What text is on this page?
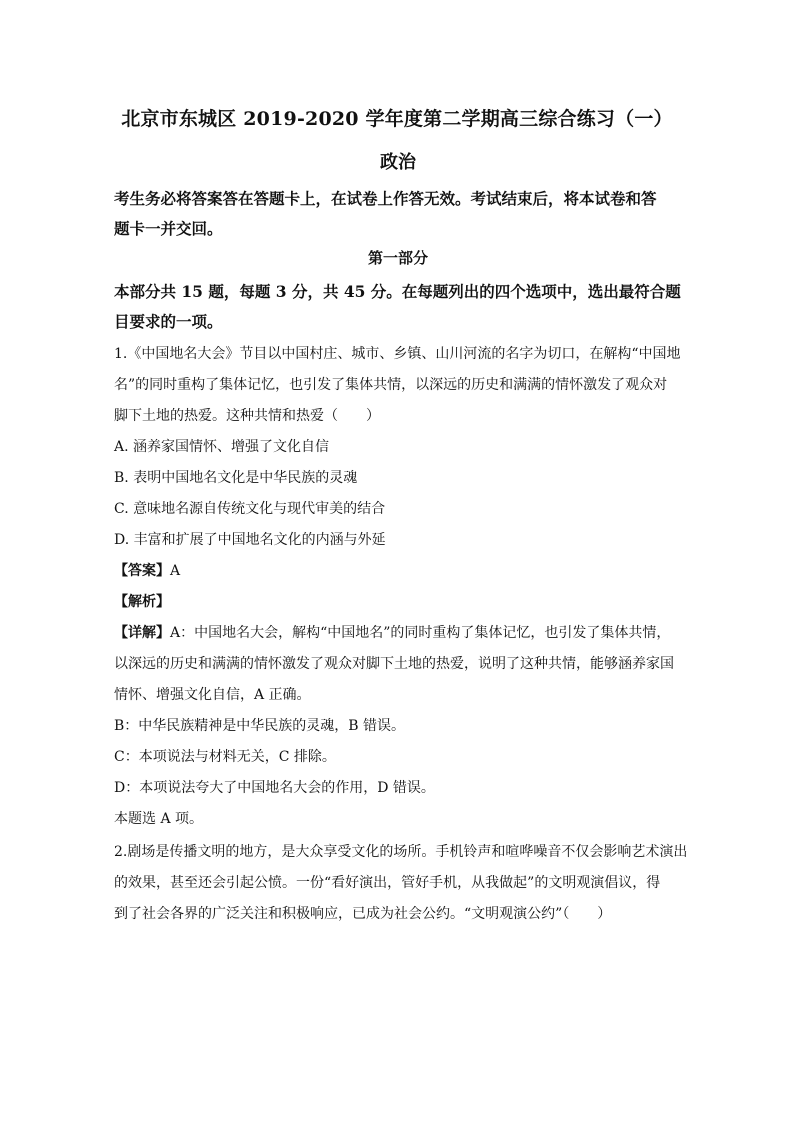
北京市东城区 2019-2020 学年度第二学期高三综合练习（一）
政治
考生务必将答案答在答题卡上，在试卷上作答无效。考试结束后，将本试卷和答
题卡一并交回。
第一部分
本部分共 15 题，每题 3 分，共 45 分。在每题列出的四个选项中，选出最符合题
目要求的一项。
1.《中国地名大会》节目以中国村庄、城市、乡镇、山川河流的名字为切口，在解构“中国地
名”的同时重构了集体记忆，也引发了集体共情，以深远的历史和满满的情怀激发了观众对
脚下土地的热爱。这种共情和热爱（　　）
A. 涵养家国情怀、增强了文化自信
B. 表明中国地名文化是中华民族的灵魂
C. 意味地名源自传统文化与现代审美的结合
D. 丰富和扩展了中国地名文化的内涵与外延
【答案】A
【解析】
【详解】A：中国地名大会，解构“中国地名”的同时重构了集体记忆，也引发了集体共情，
以深远的历史和满满的情怀激发了观众对脚下土地的热爱，说明了这种共情，能够涵养家国
情怀、增强文化自信，A 正确。
B：中华民族精神是中华民族的灵魂，B 错误。
C：本项说法与材料无关，C 排除。
D：本项说法夸大了中国地名大会的作用，D 错误。
本题选 A 项。
2.剧场是传播文明的地方，是大众享受文化的场所。手机铃声和喧哗噪音不仅会影响艺术演出
的效果，甚至还会引起公愤。一份“看好演出，管好手机，从我做起”的文明观演倡议，得
到了社会各界的广泛关注和积极响应，已成为社会公约。“文明观演公约”（　　）
